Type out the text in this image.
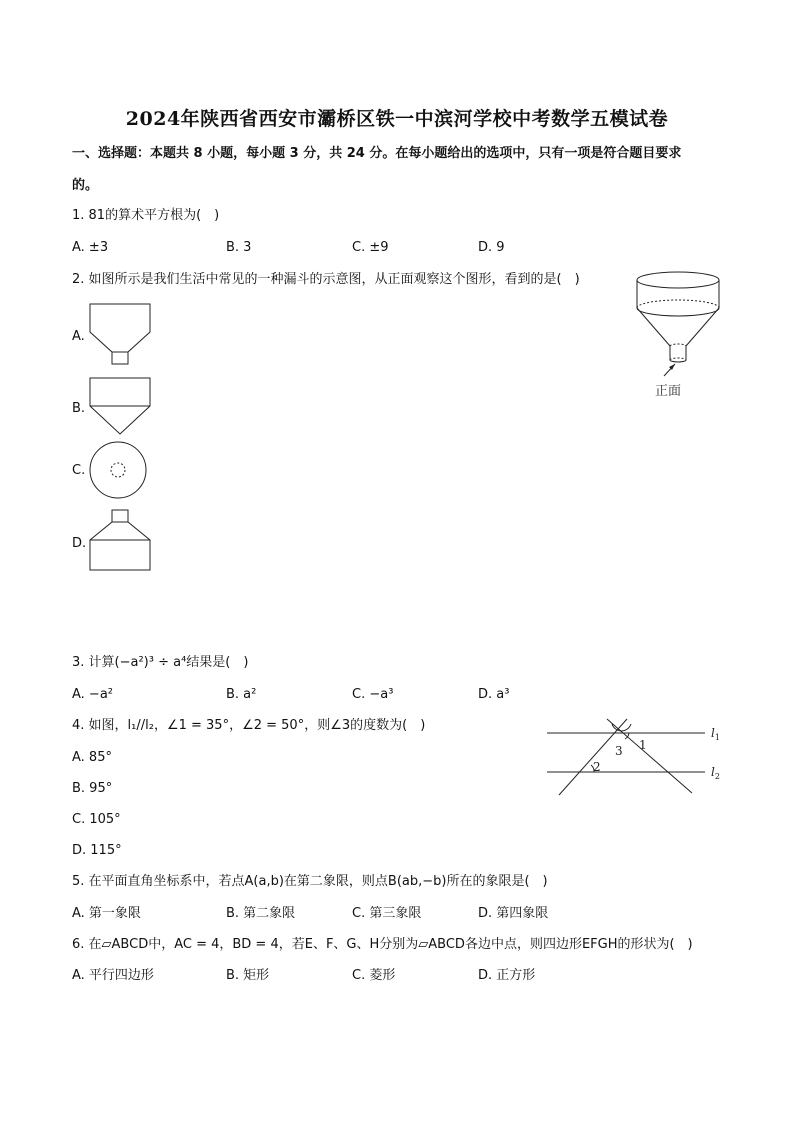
2024年陕西省西安市灞桥区铁一中滨河学校中考数学五模试卷
一、选择题：本题共 8 小题，每小题 3 分，共 24 分。在每小题给出的选项中，只有一项是符合题目要求
的。
1. 81的算术平方根为(　)
A. ±3	B. 3	C. ±9	D. 9
2. 如图所示是我们生活中常见的一种漏斗的示意图，从正面观察这个图形，看到的是(　)
正面
A.
B.
C.
D.
3. 计算(−a²)³ ÷ a⁴结果是(　)
A. −a²	B. a²	C. −a³	D. a³
4. 如图，l₁//l₂，∠1 = 35°，∠2 = 50°，则∠3的度数为(　)
1
2
3
$l_1$
$l_2$
A. 85°
B. 95°
C. 105°
D. 115°
5. 在平面直角坐标系中，若点A(a,b)在第二象限，则点B(ab,−b)所在的象限是(　)
A. 第一象限	B. 第二象限	C. 第三象限	D. 第四象限
6. 在▱ABCD中，AC = 4，BD = 4，若E、F、G、H分别为▱ABCD各边中点，则四边形EFGH的形状为(　)
A. 平行四边形	B. 矩形	C. 菱形	D. 正方形
